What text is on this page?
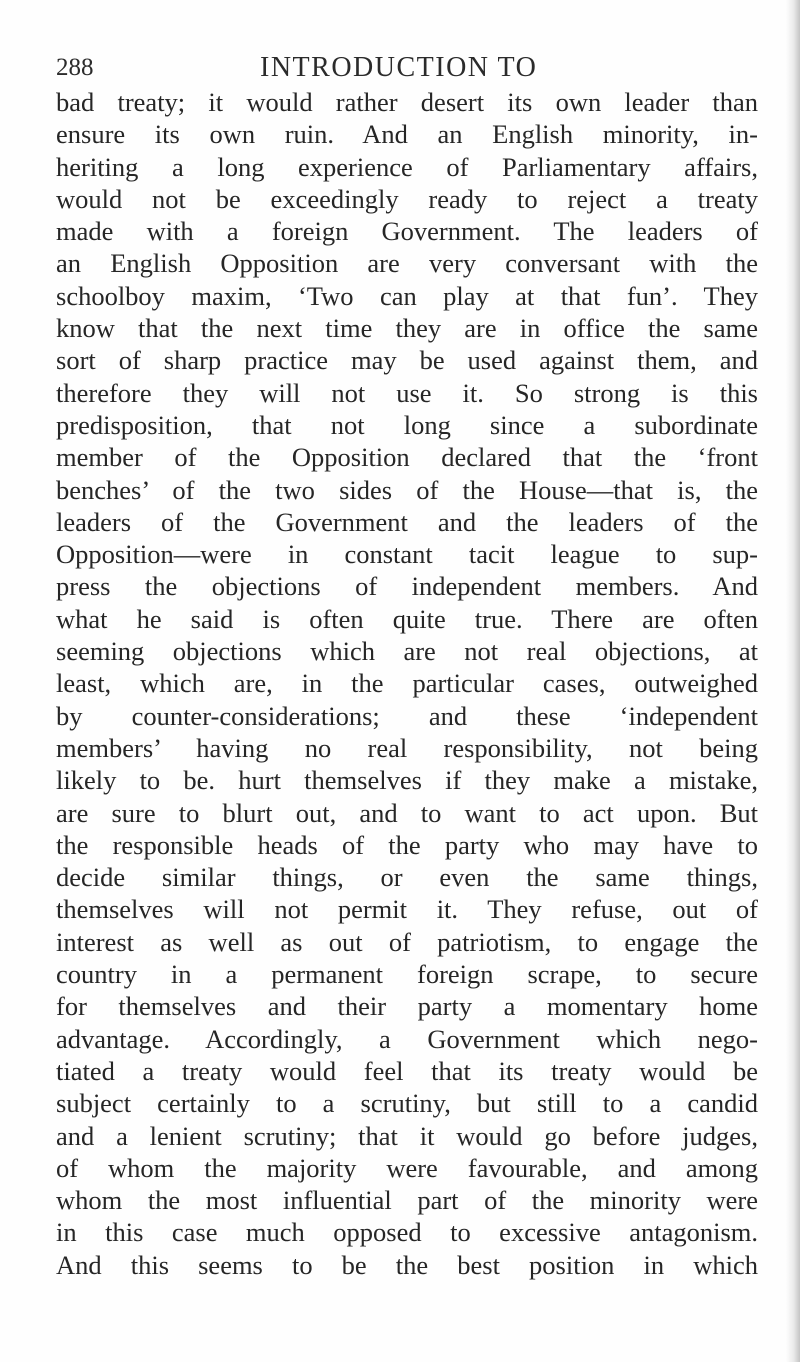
288	INTRODUCTION TO
bad treaty; it would rather desert its own leader than
ensure its own ruin. And an English minority, in-
heriting a long experience of Parliamentary affairs,
would not be exceedingly ready to reject a treaty
made with a foreign Government. The leaders of
an English Opposition are very conversant with the
schoolboy maxim, ‘Two can play at that fun’. They
know that the next time they are in office the same
sort of sharp practice may be used against them, and
therefore they will not use it. So strong is this
predisposition, that not long since a subordinate
member of the Opposition declared that the ‘front
benches’ of the two sides of the House—that is, the
leaders of the Government and the leaders of the
Opposition—were in constant tacit league to sup-
press the objections of independent members. And
what he said is often quite true. There are often
seeming objections which are not real objections, at
least, which are, in the particular cases, outweighed
by counter-considerations; and these ‘independent
members’ having no real responsibility, not being
likely to be. hurt themselves if they make a mistake,
are sure to blurt out, and to want to act upon. But
the responsible heads of the party who may have to
decide similar things, or even the same things,
themselves will not permit it. They refuse, out of
interest as well as out of patriotism, to engage the
country in a permanent foreign scrape, to secure
for themselves and their party a momentary home
advantage. Accordingly, a Government which nego-
tiated a treaty would feel that its treaty would be
subject certainly to a scrutiny, but still to a candid
and a lenient scrutiny; that it would go before judges,
of whom the majority were favourable, and among
whom the most influential part of the minority were
in this case much opposed to excessive antagonism.
And this seems to be the best position in which
